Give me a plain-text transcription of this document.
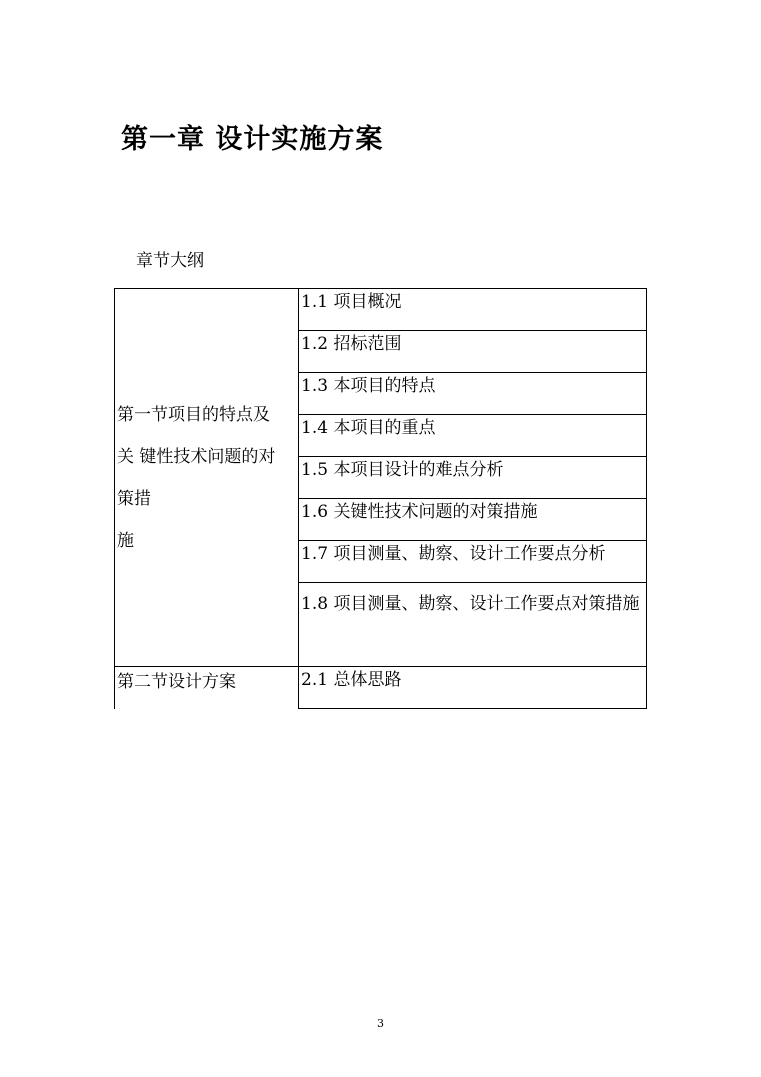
第一章 设计实施方案
章节大纲
第一节项目的特点及
关 键性技术问题的对
策措
施	1.1 项目概况
	1.2 招标范围
	1.3 本项目的特点
	1.4 本项目的重点
	1.5 本项目设计的难点分析
	1.6 关键性技术问题的对策措施
	1.7 项目测量、勘察、设计工作要点分析
	1.8 项目测量、勘察、设计工作要点对策措施

第二节设计方案	2.1 总体思路
3
